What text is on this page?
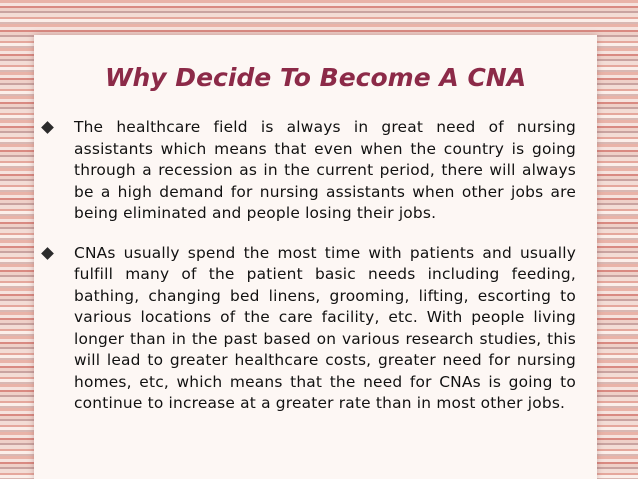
Why Decide To Become A CNA
The healthcare field is always in great need of nursing assistants which means that even when the country is going through a recession as in the current period, there will always be a high demand for nursing assistants when other jobs are being eliminated and people losing their jobs.
CNAs usually spend the most time with patients and usually fulfill many of the patient basic needs including feeding, bathing, changing bed linens, grooming, lifting, escorting to various locations of the care facility, etc. With people living longer than in the past based on various research studies, this will lead to greater healthcare costs, greater need for nursing homes, etc, which means that the need for CNAs is going to continue to increase at a greater rate than in most other jobs.
